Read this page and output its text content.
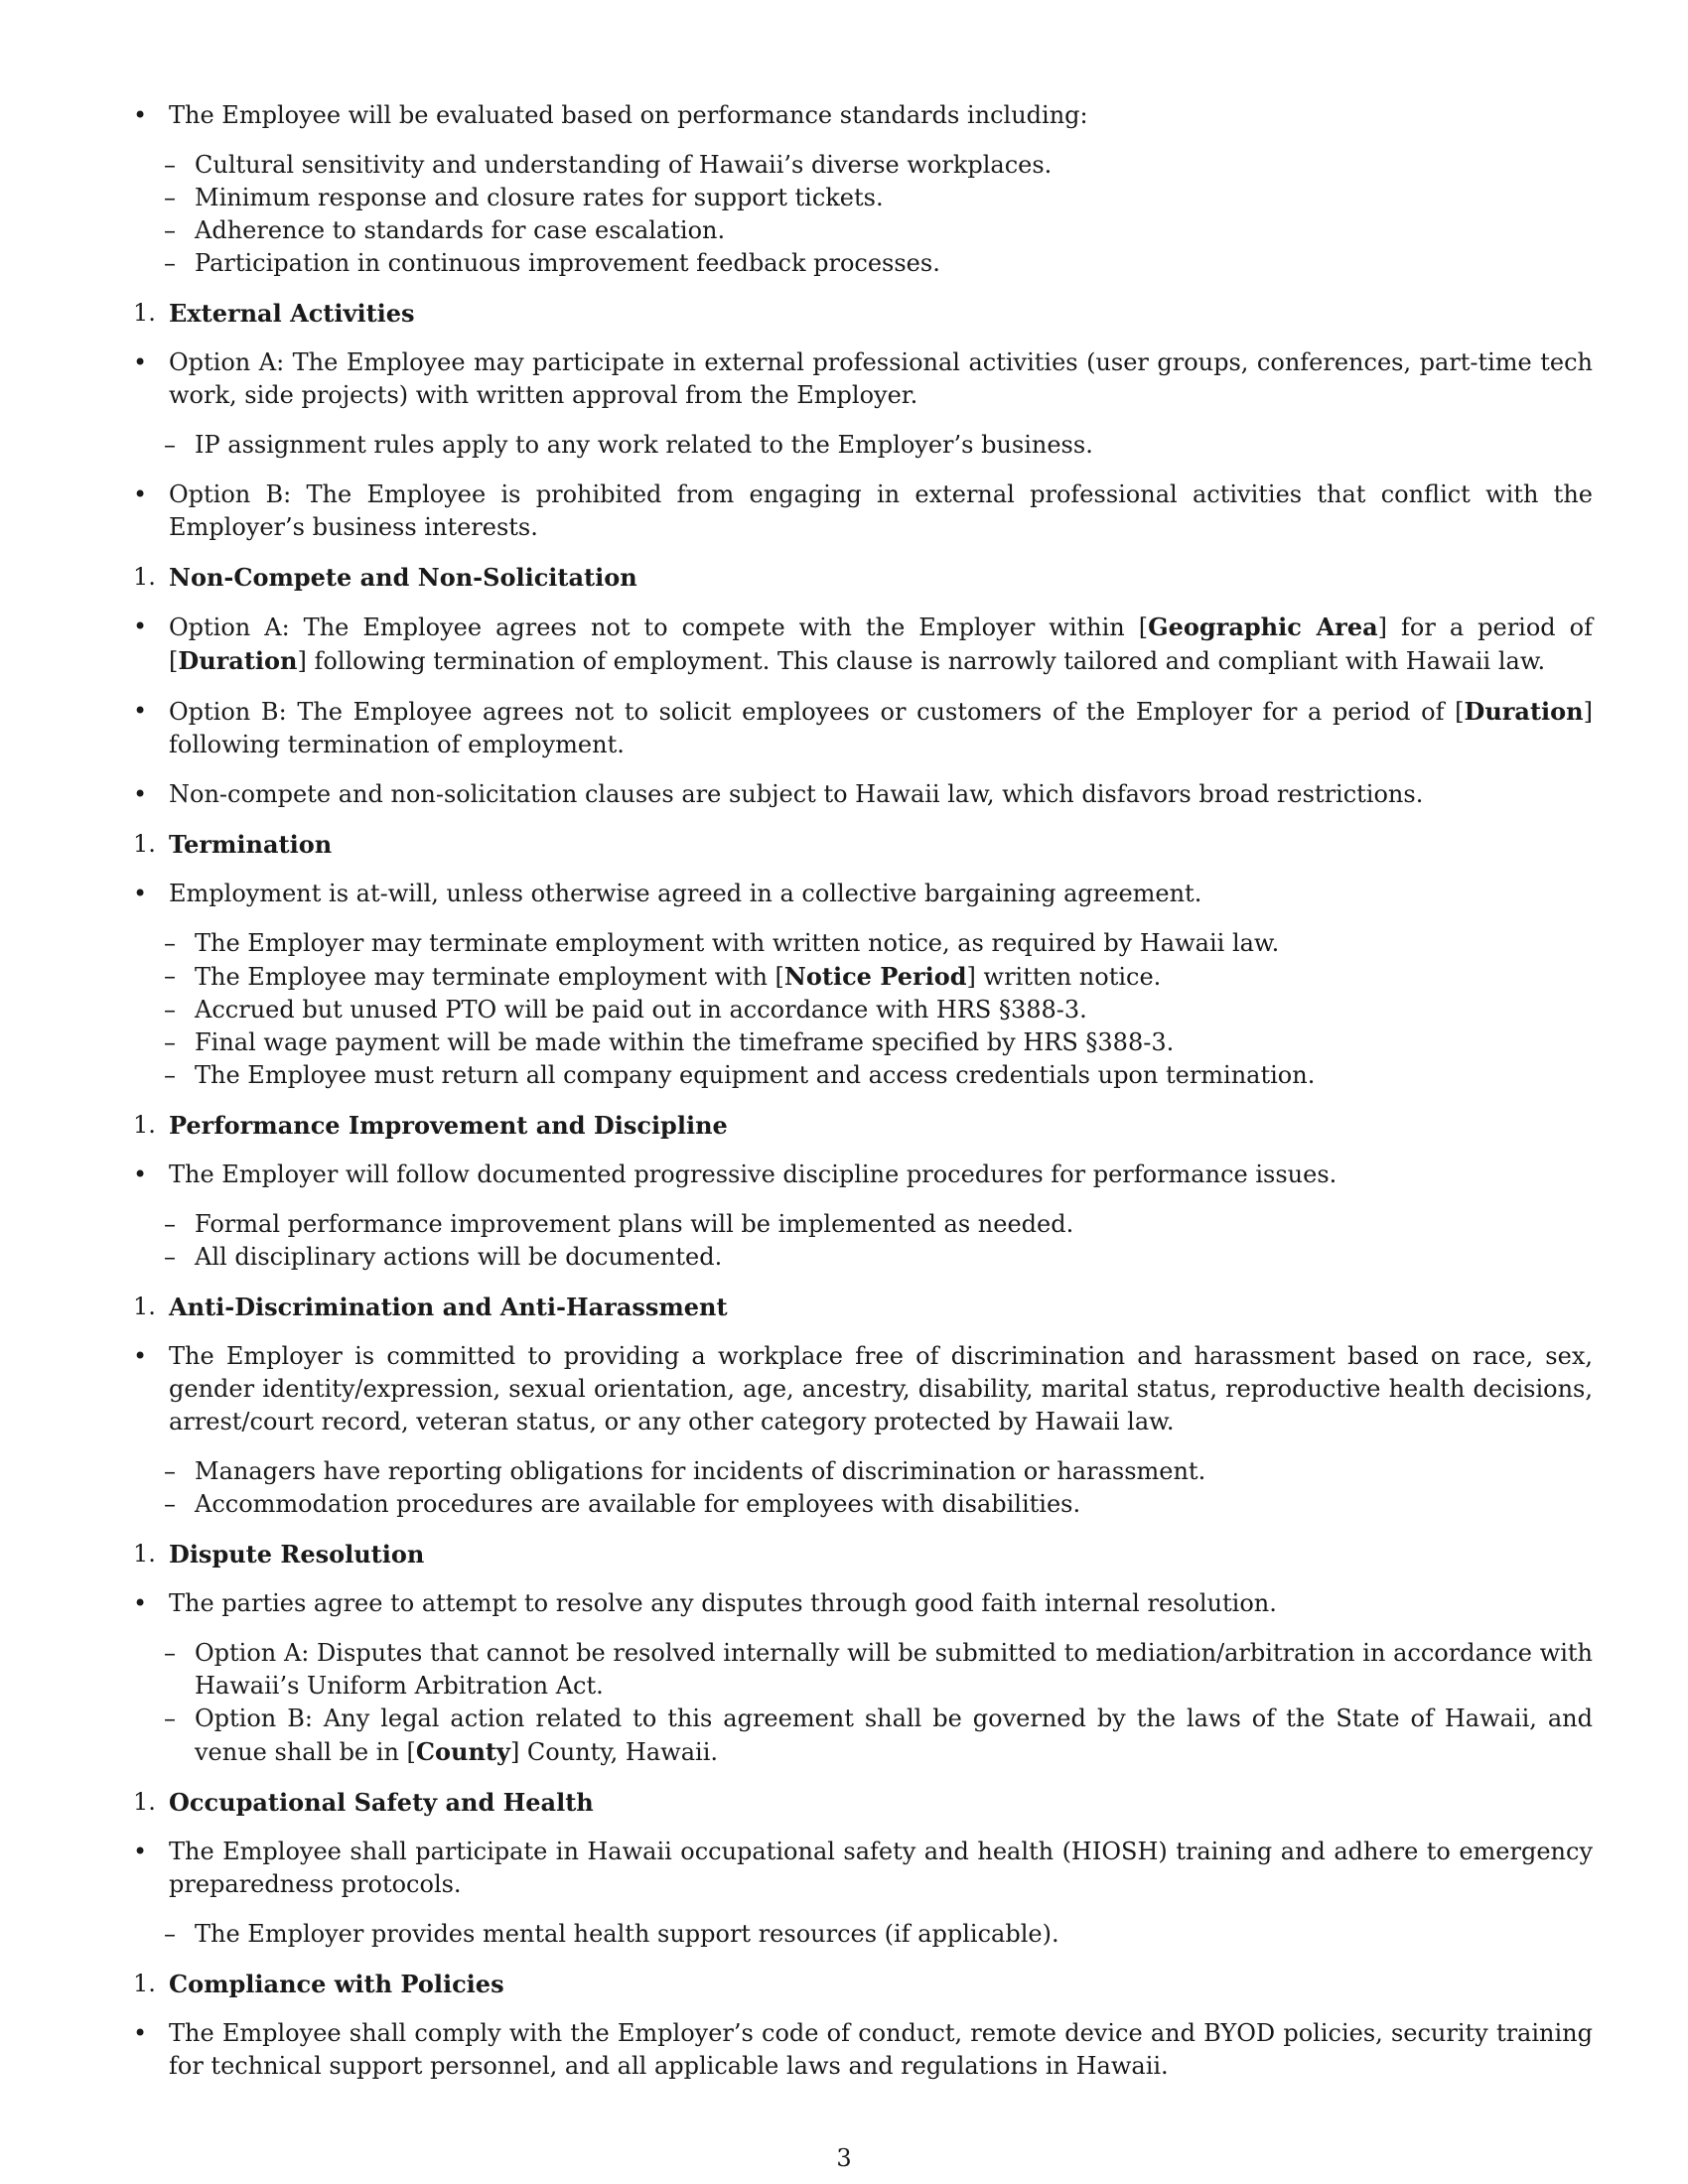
• The Employee will be evaluated based on performance standards including:
– Cultural sensitivity and understanding of Hawaii’s diverse workplaces.
– Minimum response and closure rates for support tickets.
– Adherence to standards for case escalation.
– Participation in continuous improvement feedback processes.
1. External Activities
• Option A: The Employee may participate in external professional activities (user groups, conferences, part-time tech work, side projects) with written approval from the Employer.
– IP assignment rules apply to any work related to the Employer’s business.
• Option B: The Employee is prohibited from engaging in external professional activities that conflict with the Employer’s business interests.
1. Non-Compete and Non-Solicitation
• Option A: The Employee agrees not to compete with the Employer within [Geographic Area] for a period of [Duration] following termination of employment. This clause is narrowly tailored and compliant with Hawaii law.
• Option B: The Employee agrees not to solicit employees or customers of the Employer for a period of [Duration] following termination of employment.
• Non-compete and non-solicitation clauses are subject to Hawaii law, which disfavors broad restrictions.
1. Termination
• Employment is at-will, unless otherwise agreed in a collective bargaining agreement.
– The Employer may terminate employment with written notice, as required by Hawaii law.
– The Employee may terminate employment with [Notice Period] written notice.
– Accrued but unused PTO will be paid out in accordance with HRS §388-3.
– Final wage payment will be made within the timeframe specified by HRS §388-3.
– The Employee must return all company equipment and access credentials upon termination.
1. Performance Improvement and Discipline
• The Employer will follow documented progressive discipline procedures for performance issues.
– Formal performance improvement plans will be implemented as needed.
– All disciplinary actions will be documented.
1. Anti-Discrimination and Anti-Harassment
• The Employer is committed to providing a workplace free of discrimination and harassment based on race, sex, gender identity/expression, sexual orientation, age, ancestry, disability, marital status, reproductive health decisions, arrest/court record, veteran status, or any other category protected by Hawaii law.
– Managers have reporting obligations for incidents of discrimination or harassment.
– Accommodation procedures are available for employees with disabilities.
1. Dispute Resolution
• The parties agree to attempt to resolve any disputes through good faith internal resolution.
– Option A: Disputes that cannot be resolved internally will be submitted to mediation/arbitration in accordance with Hawaii’s Uniform Arbitration Act.
– Option B: Any legal action related to this agreement shall be governed by the laws of the State of Hawaii, and venue shall be in [County] County, Hawaii.
1. Occupational Safety and Health
• The Employee shall participate in Hawaii occupational safety and health (HIOSH) training and adhere to emergency preparedness protocols.
– The Employer provides mental health support resources (if applicable).
1. Compliance with Policies
• The Employee shall comply with the Employer’s code of conduct, remote device and BYOD policies, security training for technical support personnel, and all applicable laws and regulations in Hawaii.
3
